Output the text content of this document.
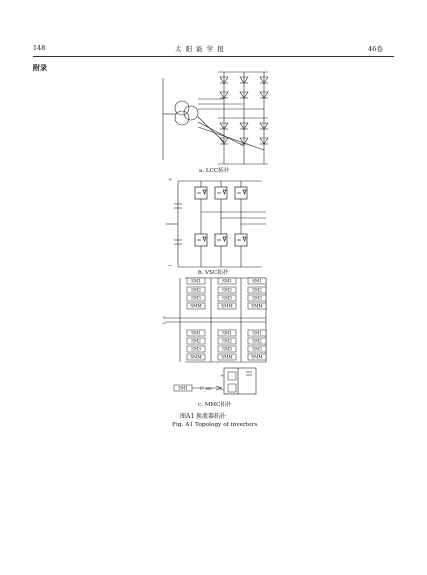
148	太 阳 能 学 报	46卷
附录
SM1
SM2
SM3
SMM
SM1
SM2
SM3
SMM
SM1
SM2
SM3
SMM
SM1
SM2
SM3
SMM
SM1
SM2
SM3
SMM
SM1
SM2
SM3
SMM
SM1	U_sm
+
−
+
−
+
−
a. LCC拓扑
b. VSC拓扑
c. MMC拓扑
图A1 换流器拓扑
Fig. A1 Topology of inverters
